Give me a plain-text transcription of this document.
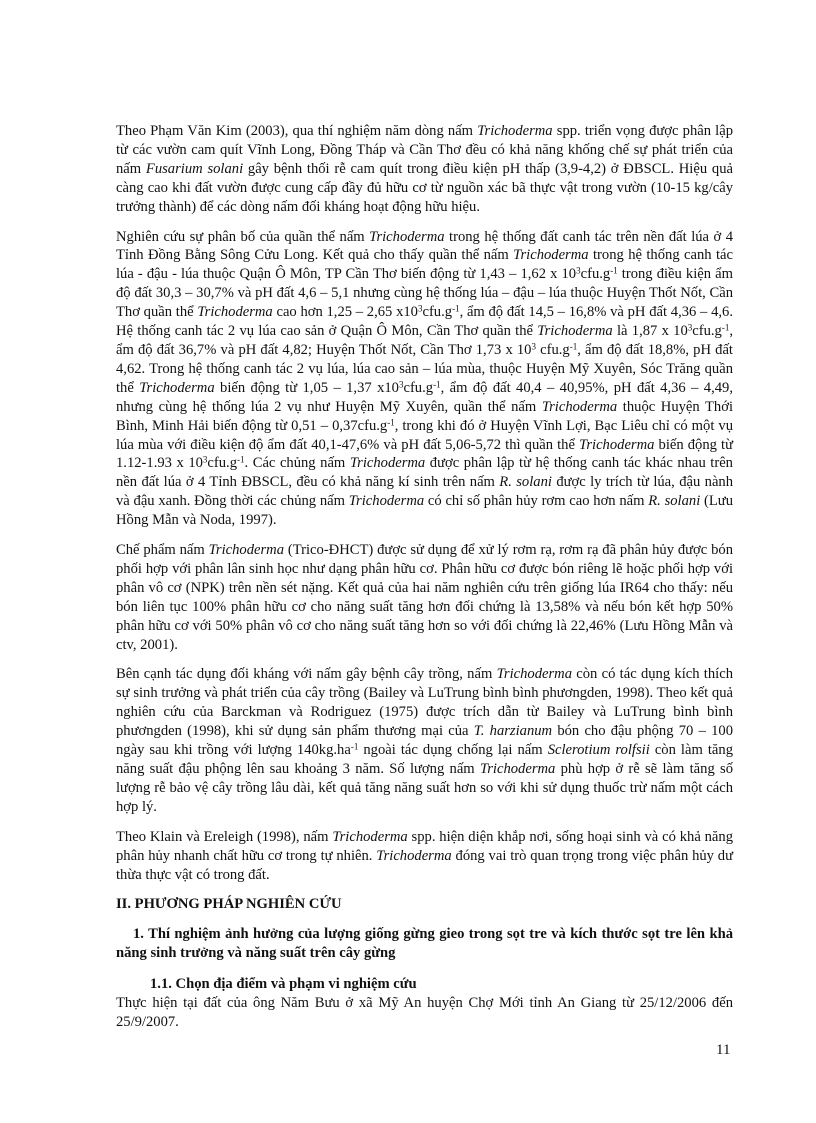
Theo Phạm Văn Kim (2003), qua thí nghiệm năm dòng nấm Trichoderma spp. triển vọng được phân lập từ các vườn cam quít Vĩnh Long, Đồng Tháp và Cần Thơ đều có khả năng khống chế sự phát triển của nấm Fusarium solani gây bệnh thối rễ cam quít trong điều kiện pH thấp (3,9-4,2) ở ĐBSCL. Hiệu quả càng cao khi đất vườn được cung cấp đầy đủ hữu cơ từ nguồn xác bã thực vật trong vườn (10-15 kg/cây trưởng thành) để các dòng nấm đối kháng hoạt động hữu hiệu.

Nghiên cứu sự phân bố của quần thể nấm Trichoderma trong hệ thống đất canh tác trên nền đất lúa ở 4 Tỉnh Đồng Bằng Sông Cửu Long. Kết quả cho thấy quần thể nấm Trichoderma trong hệ thống canh tác lúa - đậu - lúa thuộc Quận Ô Môn, TP Cần Thơ biến động từ 1,43 – 1,62 x $10^3cfu.g^{-1}$ trong điều kiện ẩm độ đất 30,3 – 30,7% và pH đất 4,6 – 5,1 nhưng cùng hệ thống lúa – đậu – lúa thuộc Huyện Thốt Nốt, Cần Thơ quần thể Trichoderma cao hơn 1,25 – 2,65 $x10^3cfu.g^{-1}$, ẩm độ đất 14,5 – 16,8% và pH đất 4,36 – 4,6. Hệ thống canh tác 2 vụ lúa cao sản ở Quận Ô Môn, Cần Thơ quần thể Trichoderma là 1,87 x $10^3cfu.g^{-1}$, ẩm độ đất 36,7% và pH đất 4,82; Huyện Thốt Nốt, Cần Thơ 1,73 x $10^3$ $cfu.g^{-1}$, ẩm độ đất 18,8%, pH đất 4,62. Trong hệ thống canh tác 2 vụ lúa, lúa cao sản – lúa mùa, thuộc Huyện Mỹ Xuyên, Sóc Trăng quần thể Trichoderma biến động từ 1,05 – 1,37 $x10^3cfu.g^{-1}$, ẩm độ đất 40,4 – 40,95%, pH đất 4,36 – 4,49, nhưng cùng hệ thống lúa 2 vụ như Huyện Mỹ Xuyên, quần thể nấm Trichoderma thuộc Huyện Thới Bình, Minh Hải biến động từ $0,51 - 0,37cfu.g^{-1}$, trong khi đó ở Huyện Vĩnh Lợi, Bạc Liêu chỉ có một vụ lúa mùa với điều kiện độ ẩm đất 40,1-47,6% và pH đất 5,06-5,72 thì quần thể Trichoderma biến động từ 1.12-1.93 x $10^3cfu.g^{-1}$. Các chủng nấm Trichoderma được phân lập từ hệ thống canh tác khác nhau trên nền đất lúa ở 4 Tỉnh ĐBSCL, đều có khả năng kí sinh trên nấm R. solani được ly trích từ lúa, đậu nành và đậu xanh. Đồng thời các chủng nấm Trichoderma có chỉ số phân hủy rơm cao hơn nấm R. solani (Lưu Hồng Mẫn và Noda, 1997).

Chế phẩm nấm Trichoderma (Trico-ĐHCT) được sử dụng để xử lý rơm rạ, rơm rạ đã phân hủy được bón phối hợp với phân lân sinh học như dạng phân hữu cơ. Phân hữu cơ được bón riêng lẽ hoặc phối hợp với phân vô cơ (NPK) trên nền sét nặng. Kết quả của hai năm nghiên cứu trên giống lúa IR64 cho thấy: nếu bón liên tục 100% phân hữu cơ cho năng suất tăng hơn đối chứng là 13,58% và nếu bón kết hợp 50% phân hữu cơ với 50% phân vô cơ cho năng suất tăng hơn so với đối chứng là 22,46% (Lưu Hồng Mẫn và ctv, 2001).

Bên cạnh tác dụng đối kháng với nấm gây bệnh cây trồng, nấm Trichoderma còn có tác dụng kích thích sự sinh trưởng và phát triển của cây trồng (Bailey và LuTrung bình bình phươngden, 1998). Theo kết quả nghiên cứu của Barckman và Rodriguez (1975) được trích dẫn từ Bailey và LuTrung bình bình phươngden (1998), khi sử dụng sản phẩm thương mại của T. harzianum bón cho đậu phộng 70 – 100 ngày sau khi trồng với lượng $140kg.ha^{-1}$ ngoài tác dụng chống lại nấm Sclerotium rolfsii còn làm tăng năng suất đậu phộng lên sau khoảng 3 năm. Số lượng nấm Trichoderma phù hợp ở rễ sẽ làm tăng số lượng rễ bảo vệ cây trồng lâu dài, kết quả tăng năng suất hơn so với khi sử dụng thuốc trừ nấm một cách hợp lý.

Theo Klain và Ereleigh (1998), nấm Trichoderma spp. hiện diện khắp nơi, sống hoại sinh và có khả năng phân hủy nhanh chất hữu cơ trong tự nhiên. Trichoderma đóng vai trò quan trọng trong việc phân hủy dư thừa thực vật có trong đất.

II. PHƯƠNG PHÁP NGHIÊN CỨU

1. Thí nghiệm ảnh hưởng của lượng giống gừng gieo trong sọt tre và kích thước sọt tre lên khả năng sinh trưởng và năng suất trên cây gừng

1.1. Chọn địa điểm và phạm vi nghiệm cứu

Thực hiện tại đất của ông Năm Bưu ở xã Mỹ An huyện Chợ Mới tỉnh An Giang từ 25/12/2006 đến 25/9/2007.

11
